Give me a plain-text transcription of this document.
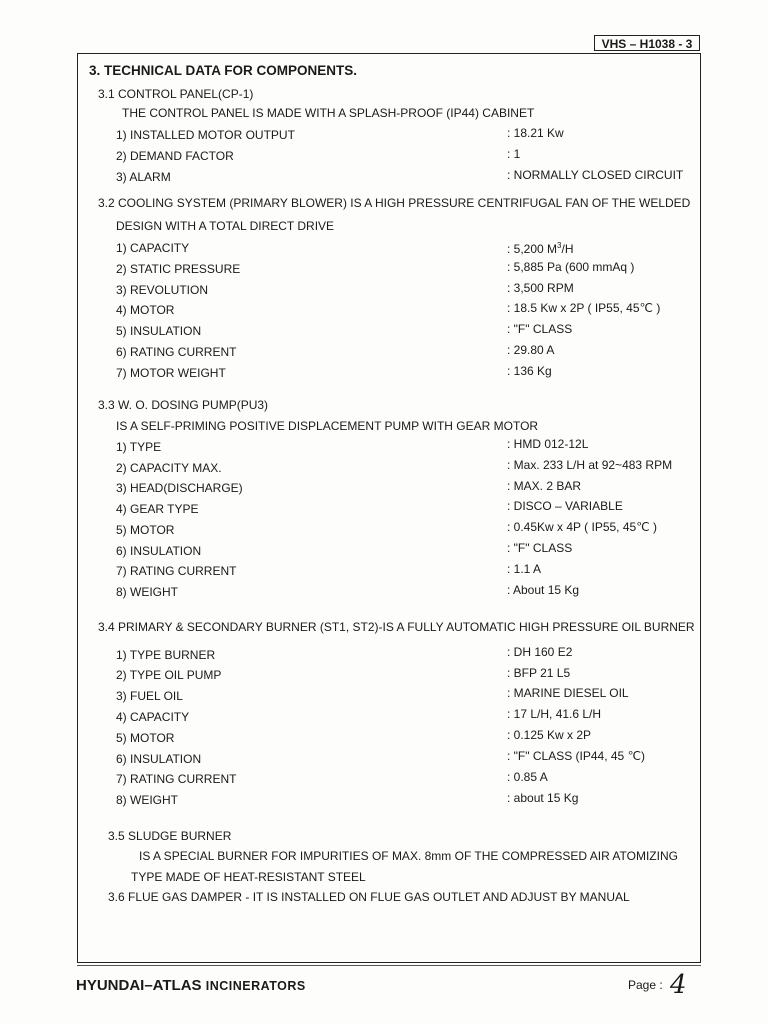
VHS – H1038 - 3
3. TECHNICAL DATA FOR COMPONENTS.
3.1 CONTROL PANEL(CP-1)
THE CONTROL PANEL IS MADE WITH A SPLASH-PROOF (IP44) CABINET
1) INSTALLED MOTOR OUTPUT	: 18.21 Kw
2) DEMAND FACTOR	: 1
3) ALARM	: NORMALLY CLOSED CIRCUIT
3.2 COOLING SYSTEM (PRIMARY BLOWER) IS A HIGH PRESSURE CENTRIFUGAL FAN OF THE WELDED
DESIGN WITH A TOTAL DIRECT DRIVE
1) CAPACITY	: 5,200 $M^3/H$
2) STATIC PRESSURE	: 5,885 Pa (600 mmAq )
3) REVOLUTION	: 3,500 RPM
4) MOTOR	: 18.5 Kw x 2P ( IP55, 45℃ )
5) INSULATION	: "F" CLASS
6) RATING CURRENT	: 29.80 A
7) MOTOR WEIGHT	: 136 Kg
3.3 W. O. DOSING PUMP(PU3)
IS A SELF-PRIMING POSITIVE DISPLACEMENT PUMP WITH GEAR MOTOR
1) TYPE	: HMD 012-12L
2) CAPACITY MAX.	: Max. 233 L/H at 92~483 RPM
3) HEAD(DISCHARGE)	: MAX. 2 BAR
4) GEAR TYPE	: DISCO – VARIABLE
5) MOTOR	: 0.45Kw x 4P ( IP55, 45℃ )
6) INSULATION	: "F" CLASS
7) RATING CURRENT	: 1.1 A
8) WEIGHT	: About 15 Kg
3.4 PRIMARY & SECONDARY BURNER (ST1, ST2)-IS A FULLY AUTOMATIC HIGH PRESSURE OIL BURNER
1) TYPE BURNER	: DH 160 E2
2) TYPE OIL PUMP	: BFP 21 L5
3) FUEL OIL	: MARINE DIESEL OIL
4) CAPACITY	: 17 L/H, 41.6 L/H
5) MOTOR	: 0.125 Kw x 2P
6) INSULATION	: "F" CLASS (IP44, 45 ℃)
7) RATING CURRENT	: 0.85 A
8) WEIGHT	: about 15 Kg
3.5 SLUDGE BURNER
IS A SPECIAL BURNER FOR IMPURITIES OF MAX. 8mm OF THE COMPRESSED AIR ATOMIZING
TYPE MADE OF HEAT-RESISTANT STEEL
3.6 FLUE GAS DAMPER - IT IS INSTALLED ON FLUE GAS OUTLET AND ADJUST BY MANUAL
HYUNDAI–ATLAS INCINERATORS	Page : 4
